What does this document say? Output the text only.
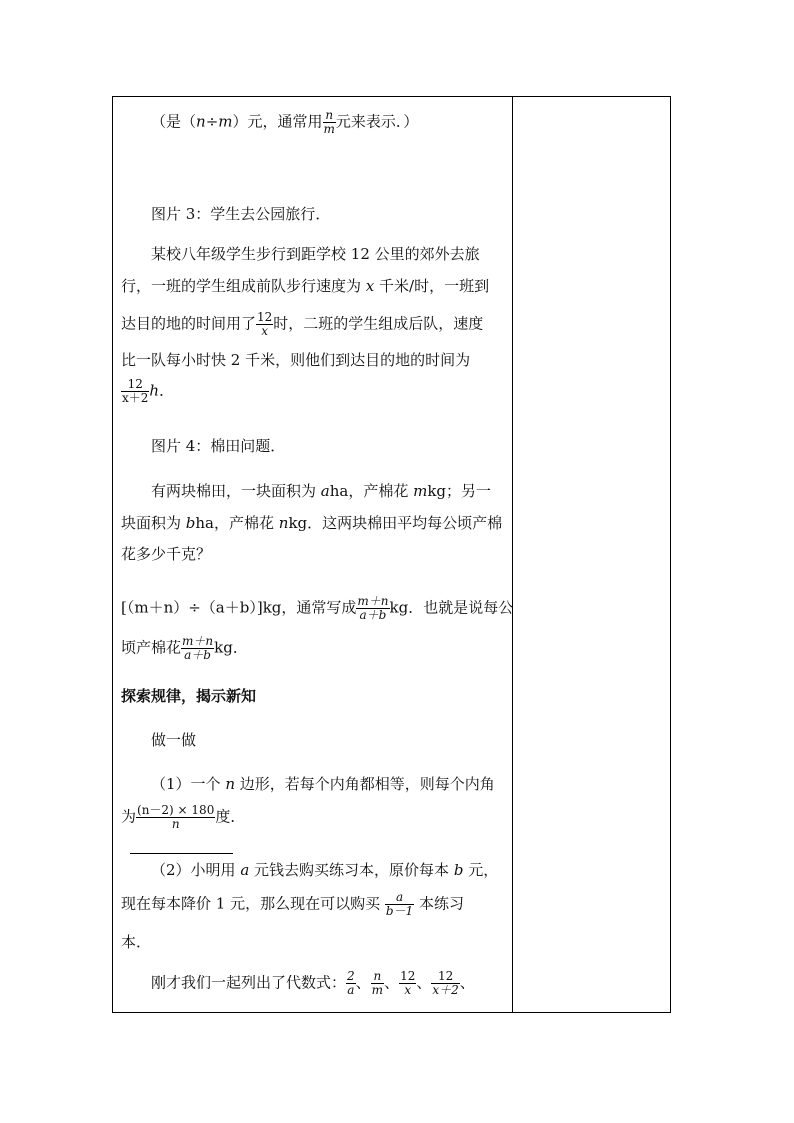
（是（n÷m）元，通常用 $\frac{n}{m}$ 元来表示．）
图片 3：学生去公园旅行．
某校八年级学生步行到距学校 12 公里的郊外去旅
行，一班的学生组成前队步行速度为 x 千米/时，一班到
达目的地的时间用了 $\frac{12}{x}$ 时，二班的学生组成后队，速度
比一队每小时快 2 千米，则他们到达目的地的时间为
$\frac{12}{x+2}$ h．
图片 4：棉田问题．
有两块棉田，一块面积为 aha，产棉花 mkg；另一
块面积为 bha，产棉花 nkg．这两块棉田平均每公顷产棉
花多少千克？
[（m＋n）÷（a＋b）]kg，通常写成 $\frac{m+n}{a+b}$ kg．也就是说每公
顷产棉花 $\frac{m+n}{a+b}$ kg．
探索规律，揭示新知
做一做
（1）一个 n 边形，若每个内角都相等，则每个内角
为 $\frac{(n-2) \times 180}{n}$ 度．
（2）小明用 a 元钱去购买练习本，原价每本 b 元，
现在每本降价 1 元，那么现在可以购买 $\frac{a}{b-1}$ 本练习
本．
刚才我们一起列出了代数式： $\frac{2}{a}$ 、 $\frac{n}{m}$ 、 $\frac{12}{x}$ 、 $\frac{12}{x+2}$ 、
